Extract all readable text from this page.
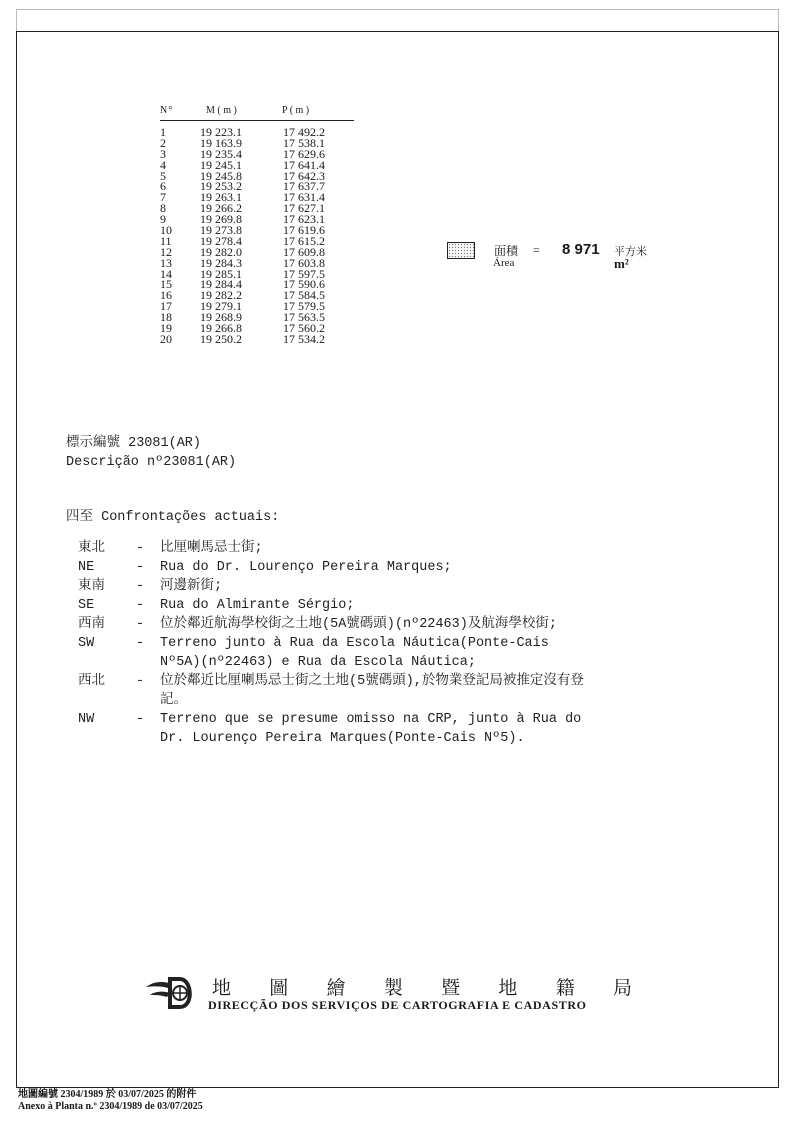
N°	M ( m )	P ( m )
1	19 223.1	17 492.2
2	19 163.9	17 538.1
3	19 235.4	17 629.6
4	19 245.1	17 641.4
5	19 245.8	17 642.3
6	19 253.2	17 637.7
7	19 263.1	17 631.4
8	19 266.2	17 627.1
9	19 269.8	17 623.1
10	19 273.8	17 619.6
11	19 278.4	17 615.2
12	19 282.0	17 609.8
13	19 284.3	17 603.8
14	19 285.1	17 597.5
15	19 284.4	17 590.6
16	19 282.2	17 584.5
17	19 279.1	17 579.5
18	19 268.9	17 563.5
19	19 266.8	17 560.2
20	19 250.2	17 534.2
面積
Área
= 8 971 平方米
m²
標示編號 23081(AR)
Descrição nº23081(AR)
四至 Confrontações actuais:
東北	-	比厘喇馬忌士街;
NE	-	Rua do Dr. Lourenço Pereira Marques;
東南	-	河邊新街;
SE	-	Rua do Almirante Sérgio;
西南	-	位於鄰近航海學校街之土地(5A號碼頭)(nº22463)及航海學校街;
SW	-	Terreno junto à Rua da Escola Náutica(Ponte-Cais
Nº5A)(nº22463) e Rua da Escola Náutica;
西北	-	位於鄰近比厘喇馬忌士街之土地(5號碼頭),於物業登記局被推定沒有登
記。
NW	-	Terreno que se presume omisso na CRP, junto à Rua do
Dr. Lourenço Pereira Marques(Ponte-Cais Nº5).
地 圖 繪 製 暨 地 籍 局
DIRECÇÃO DOS SERVIÇOS DE CARTOGRAFIA E CADASTRO
地圖編號 2304/1989 於 03/07/2025 的附件
Anexo à Planta n.º 2304/1989 de 03/07/2025
